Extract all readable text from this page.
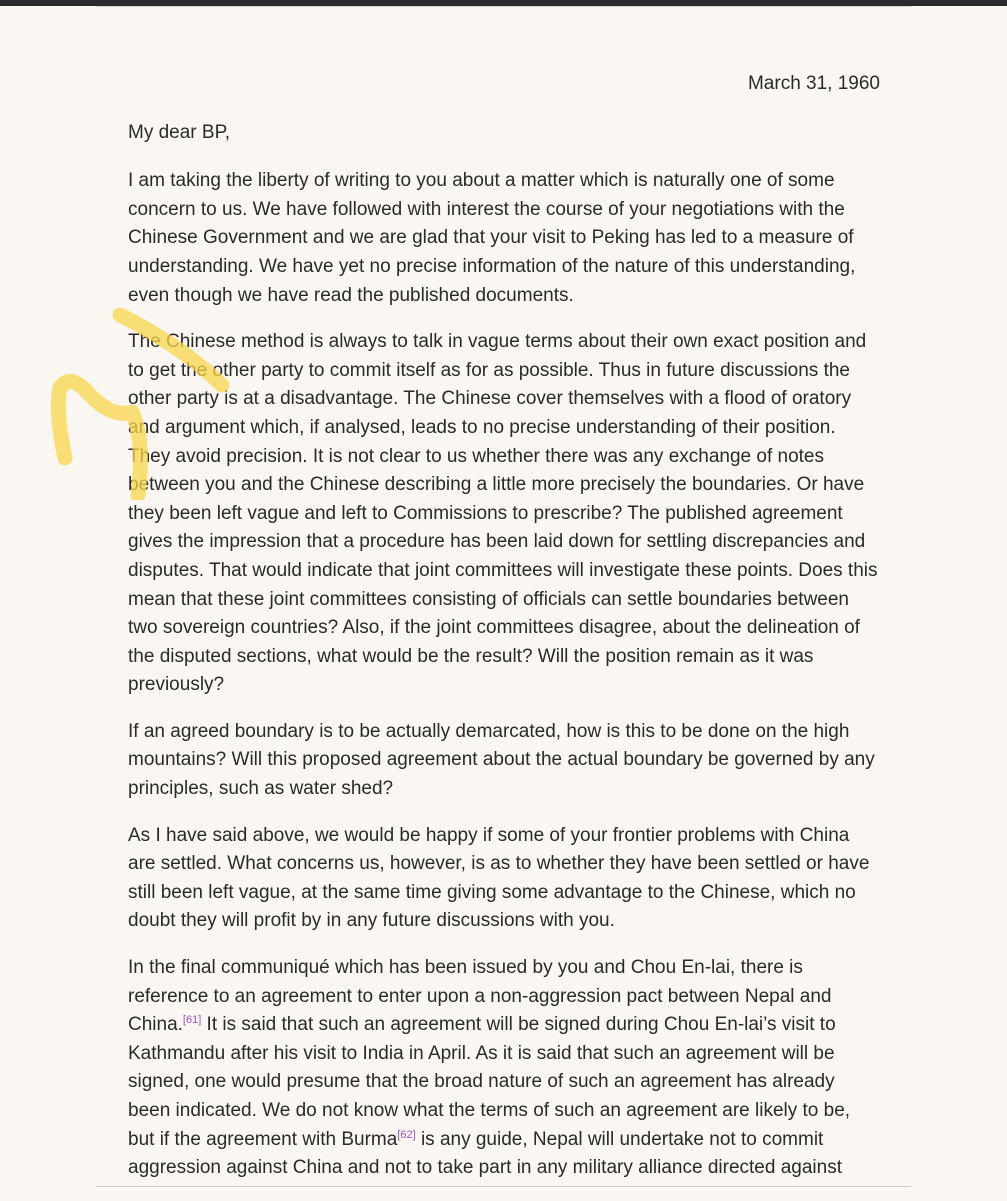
March 31, 1960

My dear BP,

I am taking the liberty of writing to you about a matter which is naturally one of some concern to us. We have followed with interest the course of your negotiations with the Chinese Government and we are glad that your visit to Peking has led to a measure of understanding. We have yet no precise information of the nature of this understanding, even though we have read the published documents.

The Chinese method is always to talk in vague terms about their own exact position and to get the other party to commit itself as for as possible. Thus in future discussions the other party is at a disadvantage. The Chinese cover themselves with a flood of oratory and argument which, if analysed, leads to no precise understanding of their position. They avoid precision. It is not clear to us whether there was any exchange of notes between you and the Chinese describing a little more precisely the boundaries. Or have they been left vague and left to Commissions to prescribe? The published agreement gives the impression that a procedure has been laid down for settling discrepancies and disputes. That would indicate that joint committees will investigate these points. Does this mean that these joint committees consisting of officials can settle boundaries between two sovereign countries? Also, if the joint committees disagree, about the delineation of the disputed sections, what would be the result? Will the position remain as it was previously?

If an agreed boundary is to be actually demarcated, how is this to be done on the high mountains? Will this proposed agreement about the actual boundary be governed by any principles, such as water shed?

As I have said above, we would be happy if some of your frontier problems with China are settled. What concerns us, however, is as to whether they have been settled or have still been left vague, at the same time giving some advantage to the Chinese, which no doubt they will profit by in any future discussions with you.

In the final communiqué which has been issued by you and Chou En-lai, there is reference to an agreement to enter upon a non-aggression pact between Nepal and China.[61] It is said that such an agreement will be signed during Chou En-lai’s visit to Kathmandu after his visit to India in April. As it is said that such an agreement will be signed, one would presume that the broad nature of such an agreement has already been indicated. We do not know what the terms of such an agreement are likely to be, but if the agreement with Burma[62] is any guide, Nepal will undertake not to commit aggression against China and not to take part in any military alliance directed against
